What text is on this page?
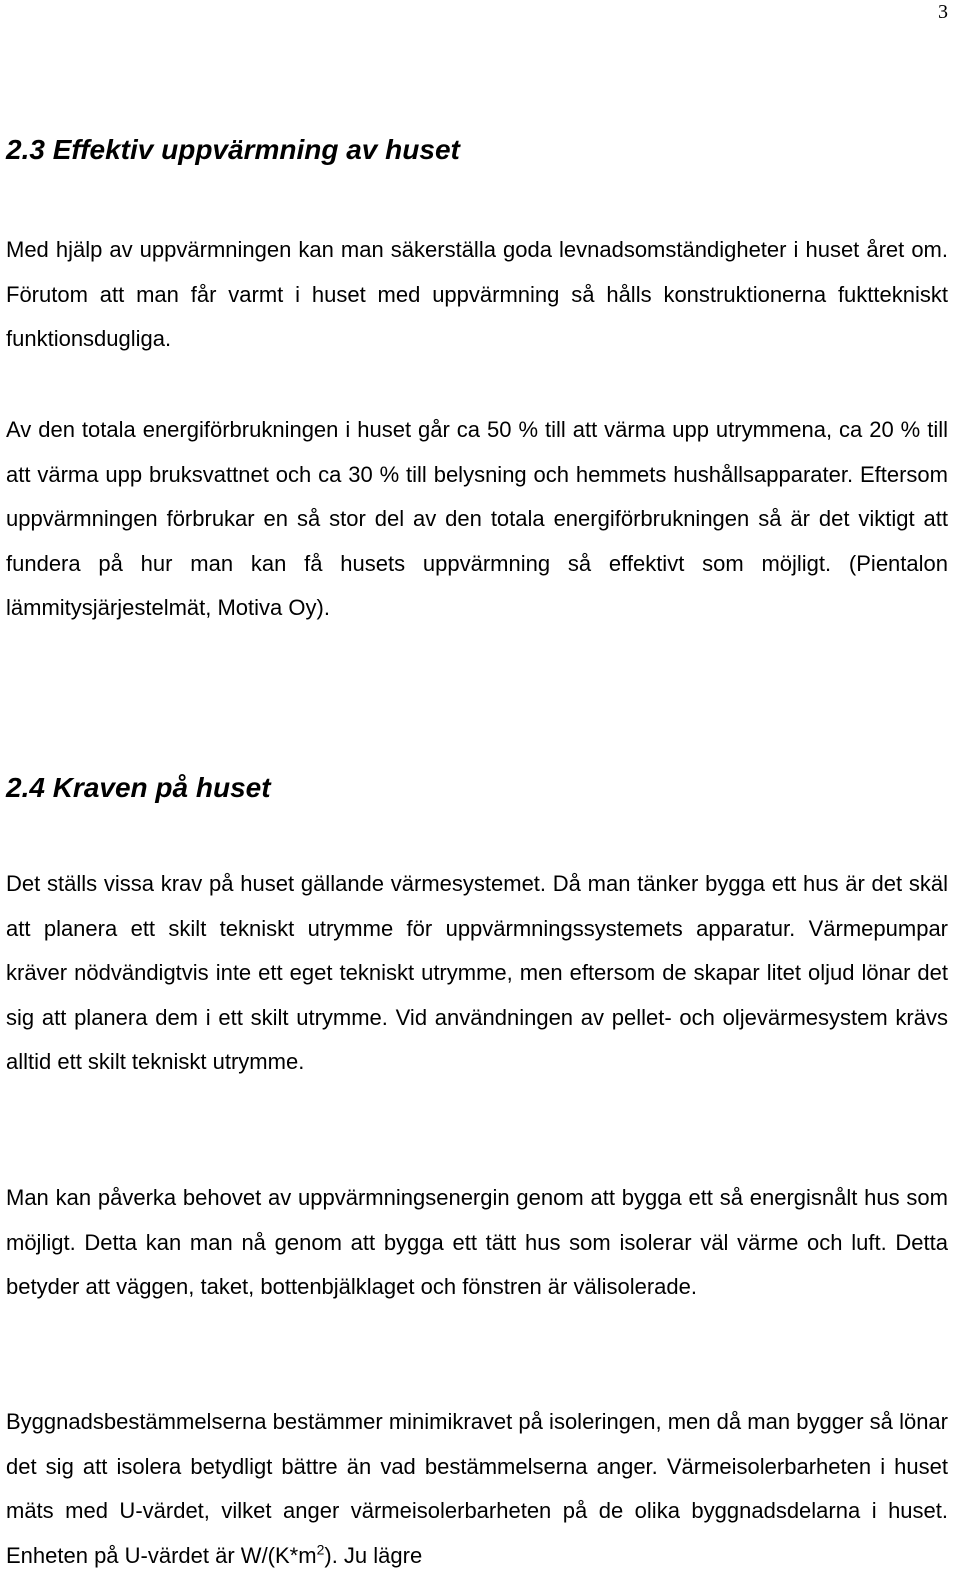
3
2.3 Effektiv uppvärmning av huset

Med hjälp av uppvärmningen kan man säkerställa goda levnadsomständigheter i huset året om. Förutom att man får varmt i huset med uppvärmning så hålls konstruktionerna fukttekniskt funktionsdugliga.

Av den totala energiförbrukningen i huset går ca 50 % till att värma upp utrymmena, ca 20 % till att värma upp bruksvattnet och ca 30 % till belysning och hemmets hushållsapparater. Eftersom uppvärmningen förbrukar en så stor del av den totala energiförbrukningen så är det viktigt att fundera på hur man kan få husets uppvärmning så effektivt som möjligt. (Pientalon lämmitysjärjestelmät, Motiva Oy).

2.4 Kraven på huset

Det ställs vissa krav på huset gällande värmesystemet. Då man tänker bygga ett hus är det skäl att planera ett skilt tekniskt utrymme för uppvärmningssystemets apparatur. Värmepumpar kräver nödvändigtvis inte ett eget tekniskt utrymme, men eftersom de skapar litet oljud lönar det sig att planera dem i ett skilt utrymme. Vid användningen av pellet- och oljevärmesystem krävs alltid ett skilt tekniskt utrymme.

Man kan påverka behovet av uppvärmningsenergin genom att bygga ett så energisnålt hus som möjligt. Detta kan man nå genom att bygga ett tätt hus som isolerar väl värme och luft. Detta betyder att väggen, taket, bottenbjälklaget och fönstren är välisolerade.

Byggnadsbestämmelserna bestämmer minimikravet på isoleringen, men då man bygger så lönar det sig att isolera betydligt bättre än vad bestämmelserna anger. Värmeisolerbarheten i huset mäts med U-värdet, vilket anger värmeisolerbarheten på de olika byggnadsdelarna i huset. Enheten på U-värdet är $W/(K*m^2)$. Ju lägre
